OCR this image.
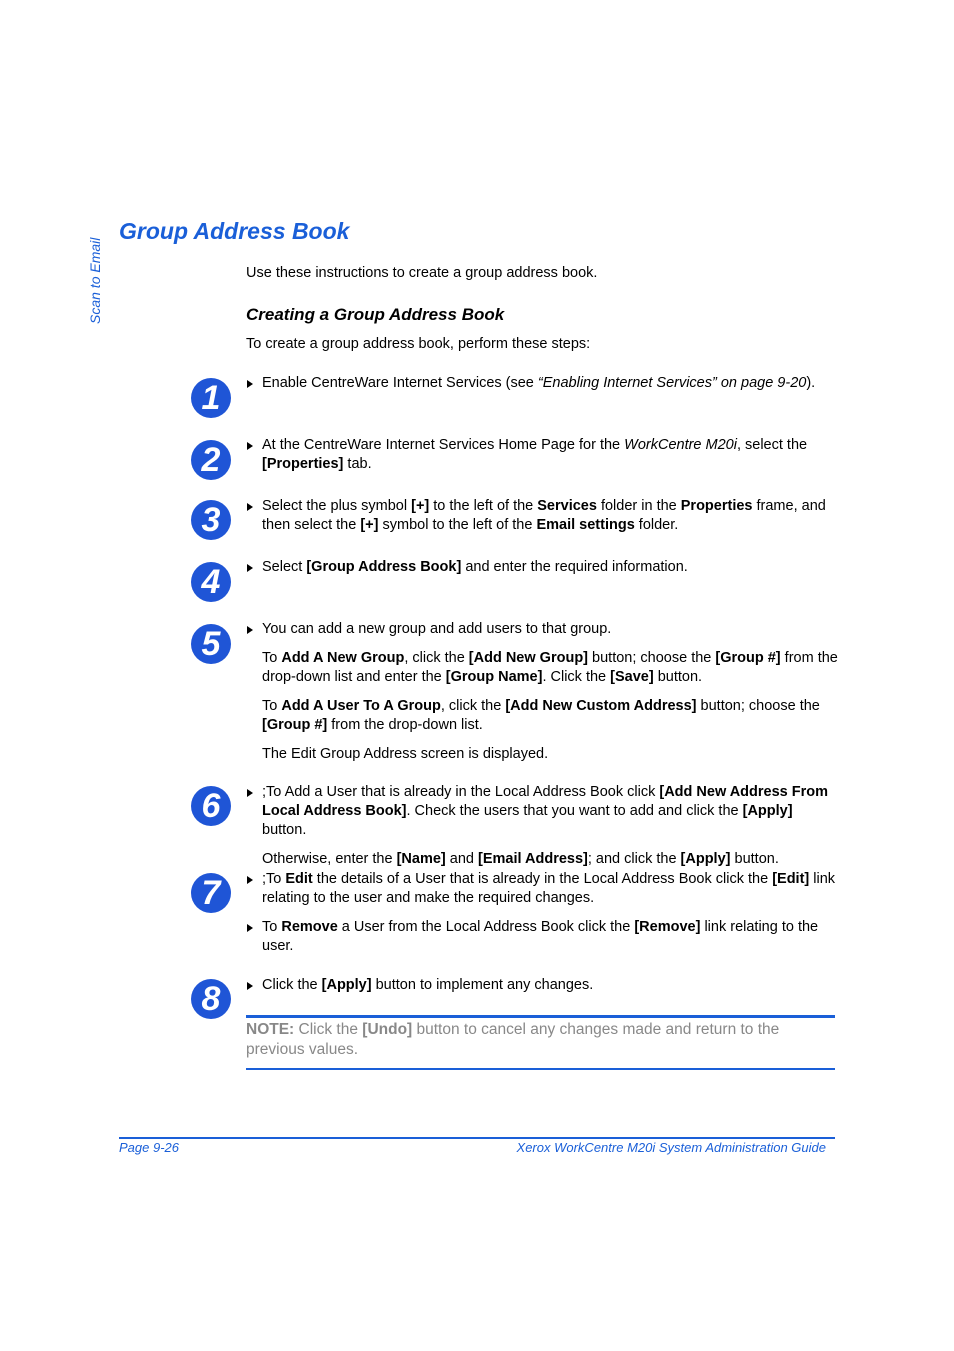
Scan to Email
Group Address Book
Use these instructions to create a group address book.
Creating a Group Address Book
To create a group address book, perform these steps:
1
2
3
4
5
6
7
8

Enable CentreWare Internet Services (see “Enabling Internet Services” on page 9-20).

At the CentreWare Internet Services Home Page for the WorkCentre M20i, select the [Properties] tab.

Select the plus symbol [+] to the left of the Services folder in the Properties frame, and then select the [+] symbol to the left of the Email settings folder.

Select [Group Address Book] and enter the required information.

You can add a new group and add users to that group.

To Add A New Group, click the [Add New Group] button; choose the [Group #] from the drop-down list and enter the [Group Name]. Click the [Save] button.

To Add A User To A Group, click the [Add New Custom Address] button; choose the [Group #] from the drop-down list.

The Edit Group Address screen is displayed.

;To Add a User that is already in the Local Address Book click [Add New Address From Local Address Book]. Check the users that you want to add and click the [Apply] button.

Otherwise, enter the [Name] and [Email Address]; and click the [Apply] button.

;To Edit the details of a User that is already in the Local Address Book click the [Edit] link relating to the user and make the required changes.

To Remove a User from the Local Address Book click the [Remove] link relating to the user.

Click the [Apply] button to implement any changes.

NOTE: Click the [Undo] button to cancel any changes made and return to the previous values.
Page 9-26	Xerox WorkCentre M20i System Administration Guide
